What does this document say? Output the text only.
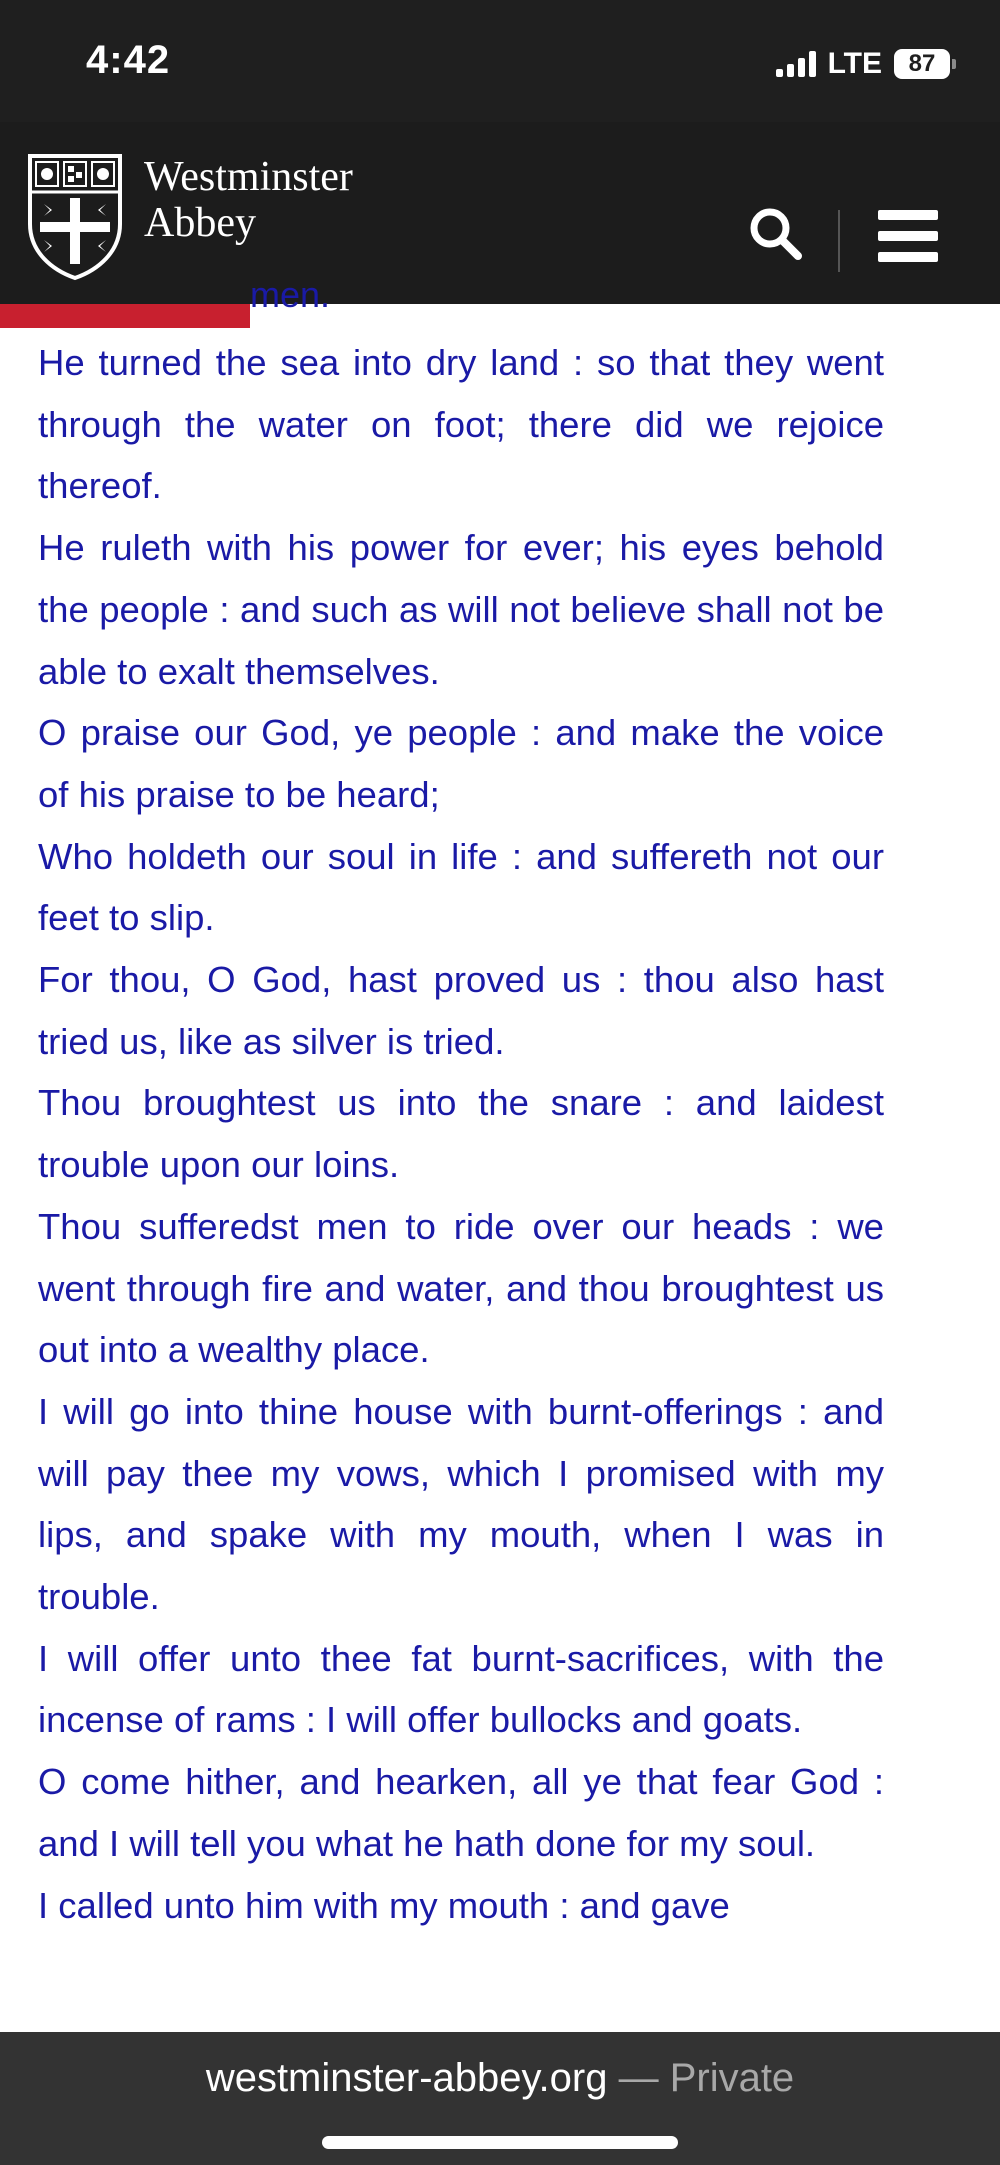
4:42	LTE 87
Westminster
Abbey
men.
He turned the sea into dry land : so that they went through the water on foot; there did we rejoice thereof.
He ruleth with his power for ever; his eyes behold the people : and such as will not believe shall not be able to exalt themselves.
O praise our God, ye people : and make the voice of his praise to be heard;
Who holdeth our soul in life : and suffereth not our feet to slip.
For thou, O God, hast proved us : thou also hast tried us, like as silver is tried.
Thou broughtest us into the snare : and laidest trouble upon our loins.
Thou sufferedst men to ride over our heads : we went through fire and water, and thou broughtest us out into a wealthy place.
I will go into thine house with burnt-offerings : and will pay thee my vows, which I promised with my lips, and spake with my mouth, when I was in trouble.
I will offer unto thee fat burnt-sacrifices, with the incense of rams : I will offer bullocks and goats.
O come hither, and hearken, all ye that fear God : and I will tell you what he hath done for my soul.
I called unto him with my mouth : and gave
westminster-abbey.org — Private
